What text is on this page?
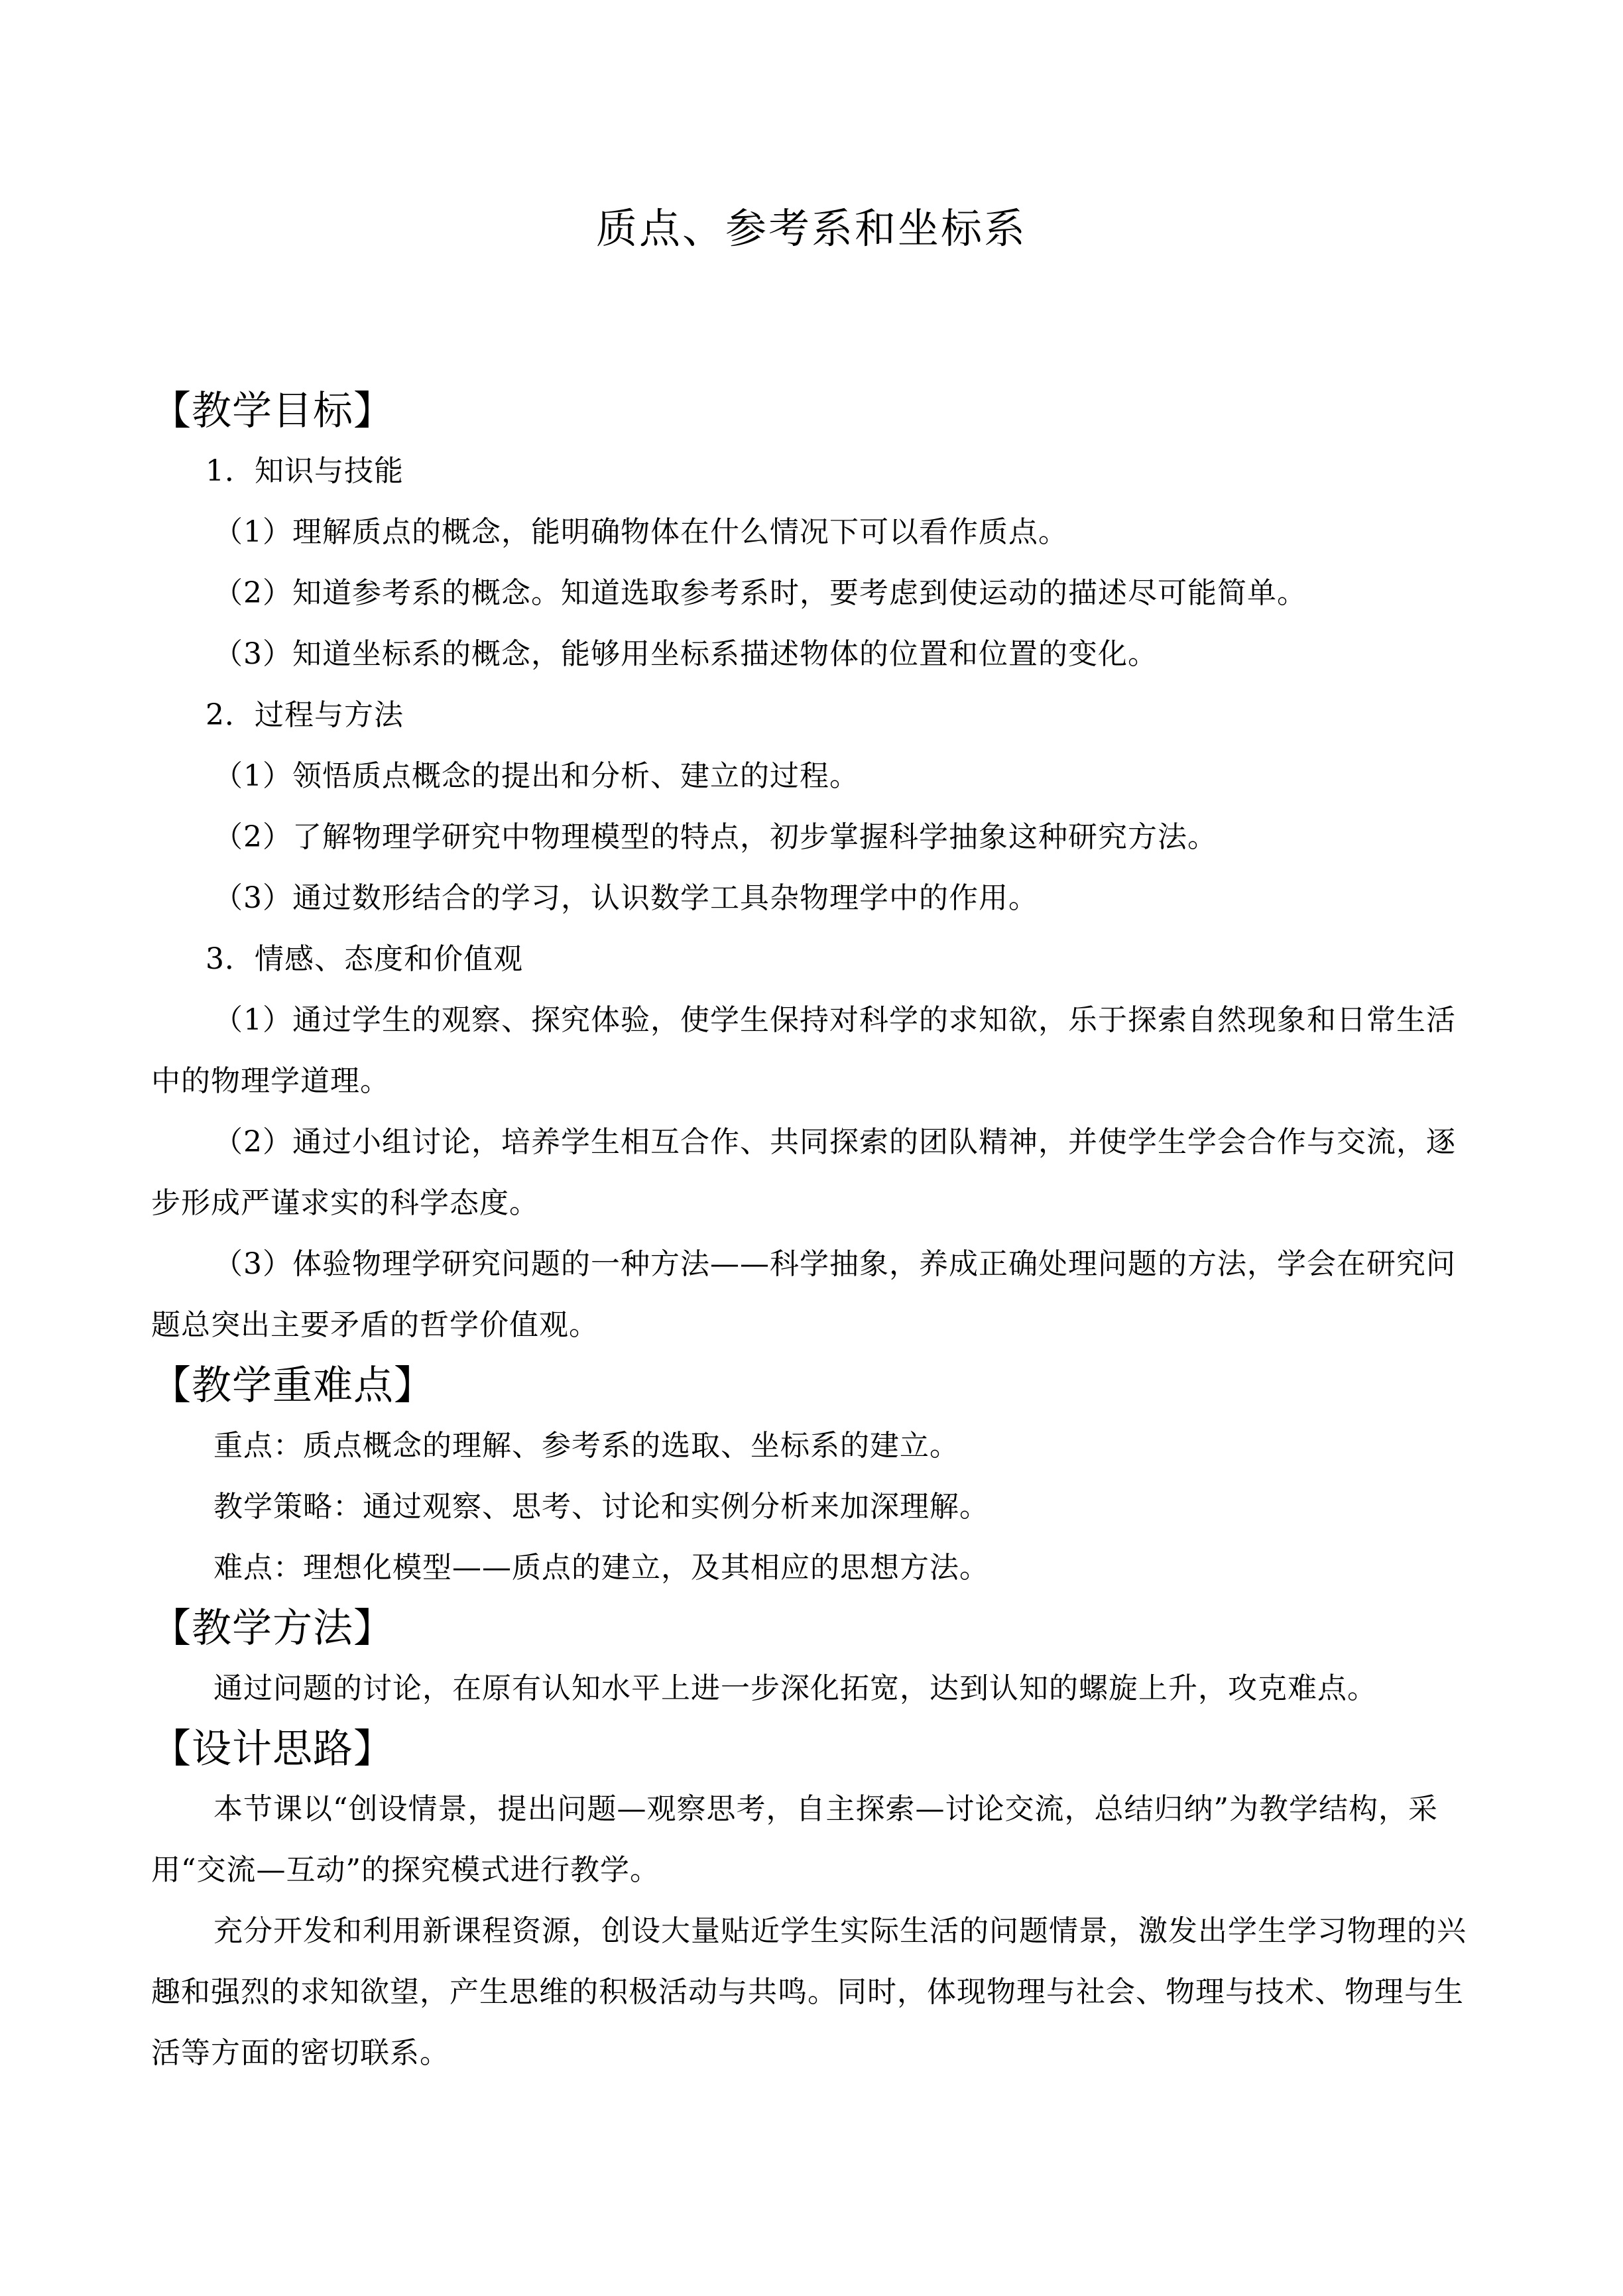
质点、参考系和坐标系
【教学目标】

1．知识与技能

（1）理解质点的概念，能明确物体在什么情况下可以看作质点。

（2）知道参考系的概念。知道选取参考系时，要考虑到使运动的描述尽可能简单。

（3）知道坐标系的概念，能够用坐标系描述物体的位置和位置的变化。

2．过程与方法

（1）领悟质点概念的提出和分析、建立的过程。

（2）了解物理学研究中物理模型的特点，初步掌握科学抽象这种研究方法。

（3）通过数形结合的学习，认识数学工具杂物理学中的作用。

3．情感、态度和价值观

（1）通过学生的观察、探究体验，使学生保持对科学的求知欲，乐于探索自然现象和日常生活中的物理学道理。

（2）通过小组讨论，培养学生相互合作、共同探索的团队精神，并使学生学会合作与交流，逐步形成严谨求实的科学态度。

（3）体验物理学研究问题的一种方法——科学抽象，养成正确处理问题的方法，学会在研究问题总突出主要矛盾的哲学价值观。

【教学重难点】

重点：质点概念的理解、参考系的选取、坐标系的建立。

教学策略：通过观察、思考、讨论和实例分析来加深理解。

难点：理想化模型——质点的建立，及其相应的思想方法。

【教学方法】

通过问题的讨论，在原有认知水平上进一步深化拓宽，达到认知的螺旋上升，攻克难点。

【设计思路】

本节课以“创设情景，提出问题—观察思考，自主探索—讨论交流，总结归纳”为教学结构，采用“交流—互动”的探究模式进行教学。

充分开发和利用新课程资源，创设大量贴近学生实际生活的问题情景，激发出学生学习物理的兴趣和强烈的求知欲望，产生思维的积极活动与共鸣。同时，体现物理与社会、物理与技术、物理与生活等方面的密切联系。
